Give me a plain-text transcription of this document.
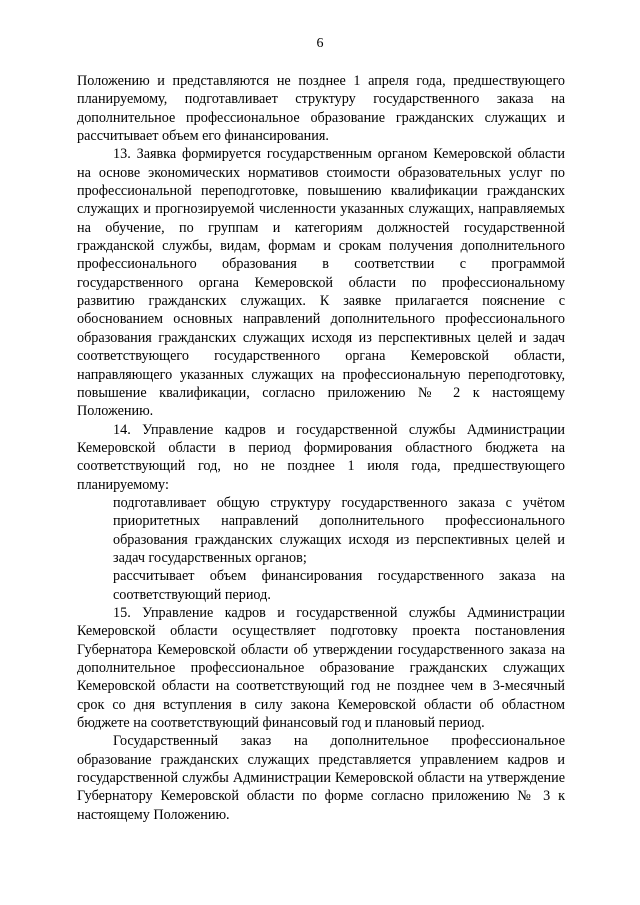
6

Положению и представляются не позднее 1 апреля года, предшествующего планируемому, подготавливает структуру государственного заказа на дополнительное профессиональное образование гражданских служащих и рассчитывает объем его финансирования.

13. Заявка формируется государственным органом Кемеровской области на основе экономических нормативов стоимости образовательных услуг по профессиональной переподготовке, повышению квалификации гражданских служащих и прогнозируемой численности указанных служащих, направляемых на обучение, по группам и категориям должностей государственной гражданской службы, видам, формам и срокам получения дополнительного профессионального образования в соответствии с программой государственного органа Кемеровской области по профессиональному развитию гражданских служащих. К заявке прилагается пояснение с обоснованием основных направлений дополнительного профессионального образования гражданских служащих исходя из перспективных целей и задач соответствующего государственного органа Кемеровской области, направляющего указанных служащих на профессиональную переподготовку, повышение квалификации, согласно приложению № 2 к настоящему Положению.

14. Управление кадров и государственной службы Администрации Кемеровской области в период формирования областного бюджета на соответствующий год, но не позднее 1 июля года, предшествующего планируемому:

подготавливает общую структуру государственного заказа с учётом приоритетных направлений дополнительного профессионального образования гражданских служащих исходя из перспективных целей и задач государственных органов;

рассчитывает объем финансирования государственного заказа на соответствующий период.

15. Управление кадров и государственной службы Администрации Кемеровской области осуществляет подготовку проекта постановления Губернатора Кемеровской области об утверждении государственного заказа на дополнительное профессиональное образование гражданских служащих Кемеровской области на соответствующий год не позднее чем в 3-месячный срок со дня вступления в силу закона Кемеровской области об областном бюджете на соответствующий финансовый год и плановый период.

Государственный заказ на дополнительное профессиональное образование гражданских служащих представляется управлением кадров и государственной службы Администрации Кемеровской области на утверждение Губернатору Кемеровской области по форме согласно приложению № 3 к настоящему Положению.
